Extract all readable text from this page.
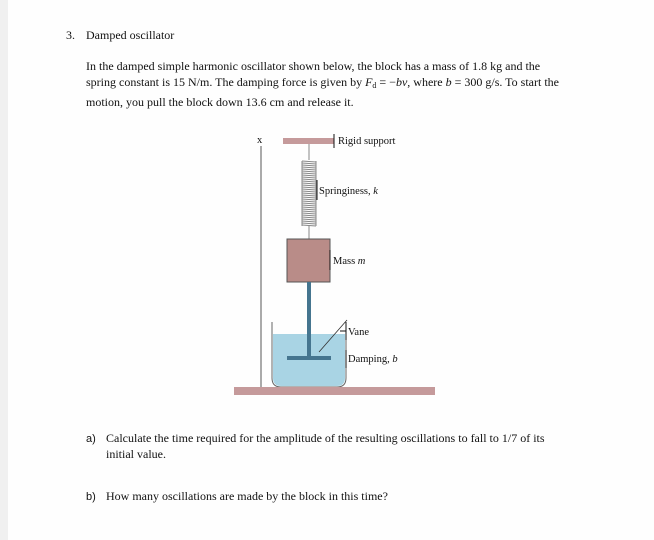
3. Damped oscillator
In the damped simple harmonic oscillator shown below, the block has a mass of 1.8 kg and the
spring constant is 15 N/m. The damping force is given by $F_d = -bv$, where b = 300 g/s. To start the
motion, you pull the block down 13.6 cm and release it.
x	Rigid support
Springiness, k
Mass m
Vane
Damping, b
a) Calculate the time required for the amplitude of the resulting oscillations to fall to 1/7 of its
initial value.
b) How many oscillations are made by the block in this time?
